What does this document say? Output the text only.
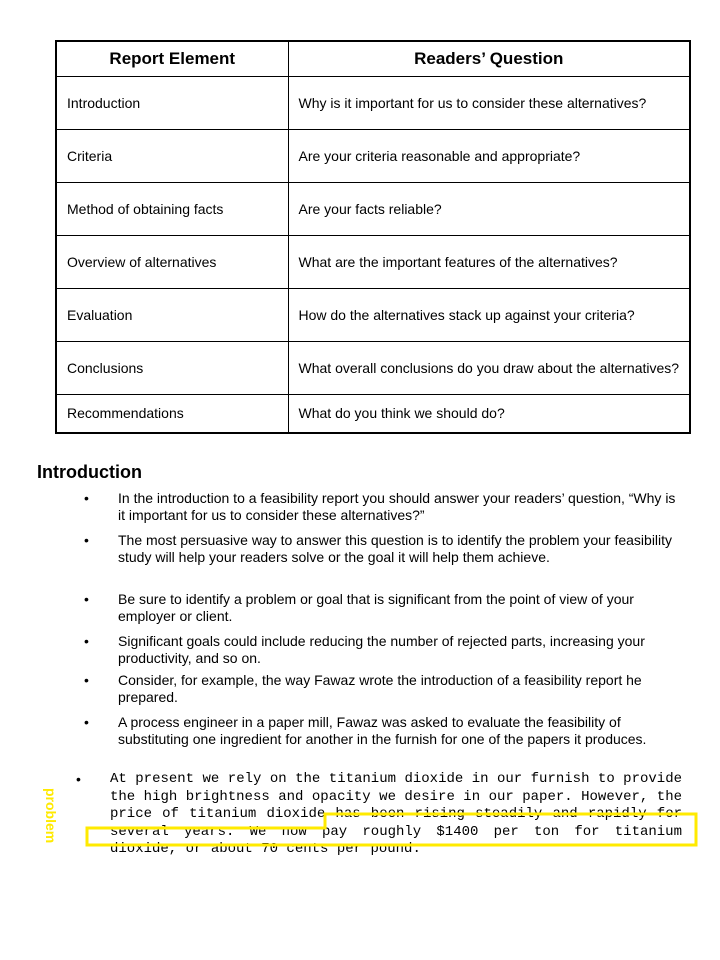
Report Element	Readers’ Question
Introduction	Why is it important for us to consider these alternatives?
Criteria	Are your criteria reasonable and appropriate?
Method of obtaining facts	Are your facts reliable?
Overview of alternatives	What are the important features of the alternatives?
Evaluation	How do the alternatives stack up against your criteria?
Conclusions	What overall conclusions do you draw about the alternatives?
Recommendations	What do you think we should do?
Introduction
• In the introduction to a feasibility report you should answer your readers’ question, “Why is it important for us to consider these alternatives?”
• The most persuasive way to answer this question is to identify the problem your feasibility study will help your readers solve or the goal it will help them achieve.
• Be sure to identify a problem or goal that is significant from the point of view of your employer or client.
• Significant goals could include reducing the number of rejected parts, increasing your productivity, and so on.
• Consider, for example, the way Fawaz wrote the introduction of a feasibility report he prepared.
• A process engineer in a paper mill, Fawaz was asked to evaluate the feasibility of substituting one ingredient for another in the furnish for one of the papers it produces.

• At present we rely on the titanium dioxide in our furnish to provide the high brightness and opacity we desire in our paper. However, the price of titanium dioxide has been rising steadily and rapidly for several years. We now pay roughly $1400 per ton for titanium dioxide, or about 70 cents per pound.

problem
